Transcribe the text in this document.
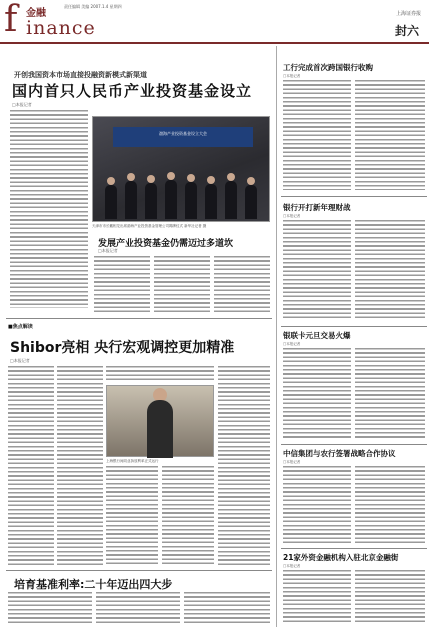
f 金融
inance
责任编辑 美编 2007.1.4 星期四
上海证券报
封六
开创我国资本市场直接投融资新模式新渠道
国内首只人民币产业投资基金设立
□本报记者
渤海产业投资基金设立大会
天津市市长戴相龙出席渤海产业投资基金管理公司揭牌仪式 新华社记者 摄
发展产业投资基金仍需迈过多道坎
□本报记者
■焦点解读
Shibor亮相 央行宏观调控更加精准
□本报记者
上海银行间同业拆放利率正式运行
培育基准利率:二十年迈出四大步
工行完成首次跨国银行收购
□本报记者
银行开打新年理财战
□本报记者
银联卡元旦交易火爆
□本报记者
中信集团与农行签署战略合作协议
□本报记者
21家外资金融机构入驻北京金融街
□本报记者
